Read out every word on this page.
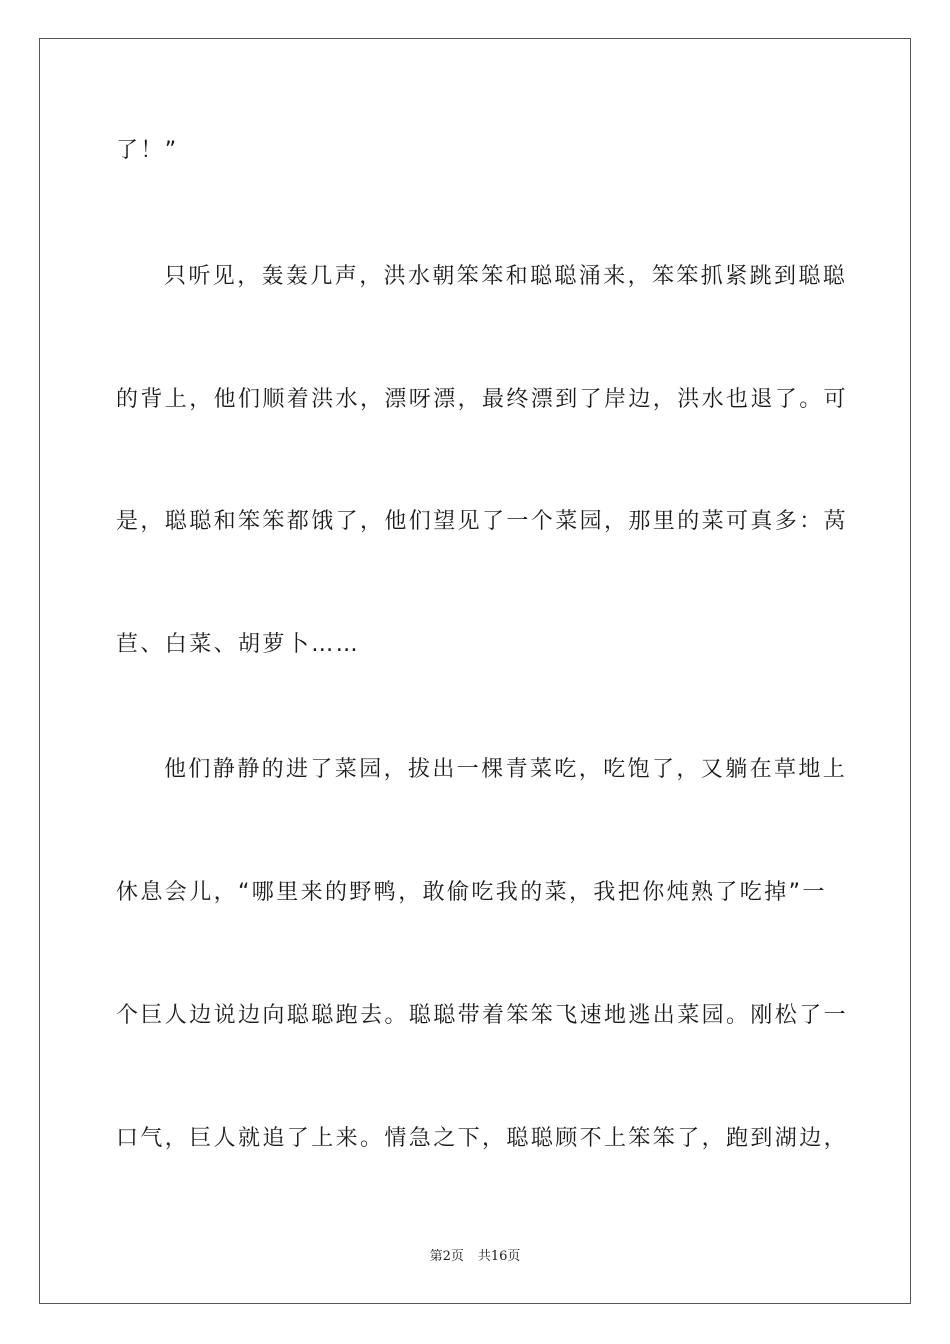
了！”
只听见，轰轰几声，洪水朝笨笨和聪聪涌来，笨笨抓紧跳到聪聪
的背上，他们顺着洪水，漂呀漂，最终漂到了岸边，洪水也退了。可
是，聪聪和笨笨都饿了，他们望见了一个菜园，那里的菜可真多：莴
苣、白菜、胡萝卜……
他们静静的进了菜园，拔出一棵青菜吃，吃饱了，又躺在草地上
休息会儿，“哪里来的野鸭，敢偷吃我的菜，我把你炖熟了吃掉”一
个巨人边说边向聪聪跑去。聪聪带着笨笨飞速地逃出菜园。刚松了一
口气，巨人就追了上来。情急之下，聪聪顾不上笨笨了，跑到湖边，
第2页 共16页
